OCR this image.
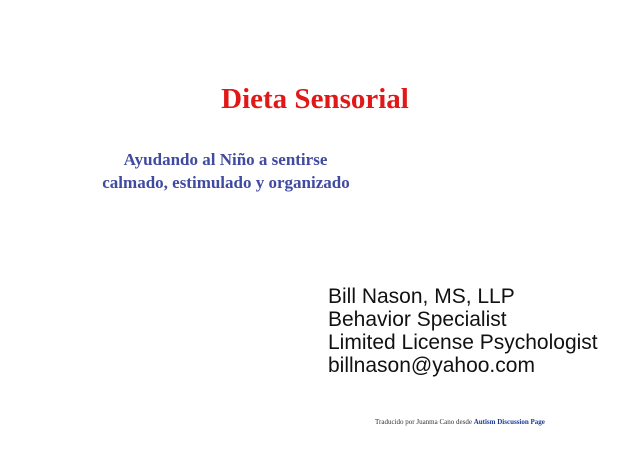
Dieta Sensorial
Ayudando al Niño a sentirse
calmado, estimulado y organizado
Bill Nason, MS, LLP
Behavior Specialist
Limited License Psychologist
billnason@yahoo.com
Traducido por Juanma Cano desde Autism Discussion Page
